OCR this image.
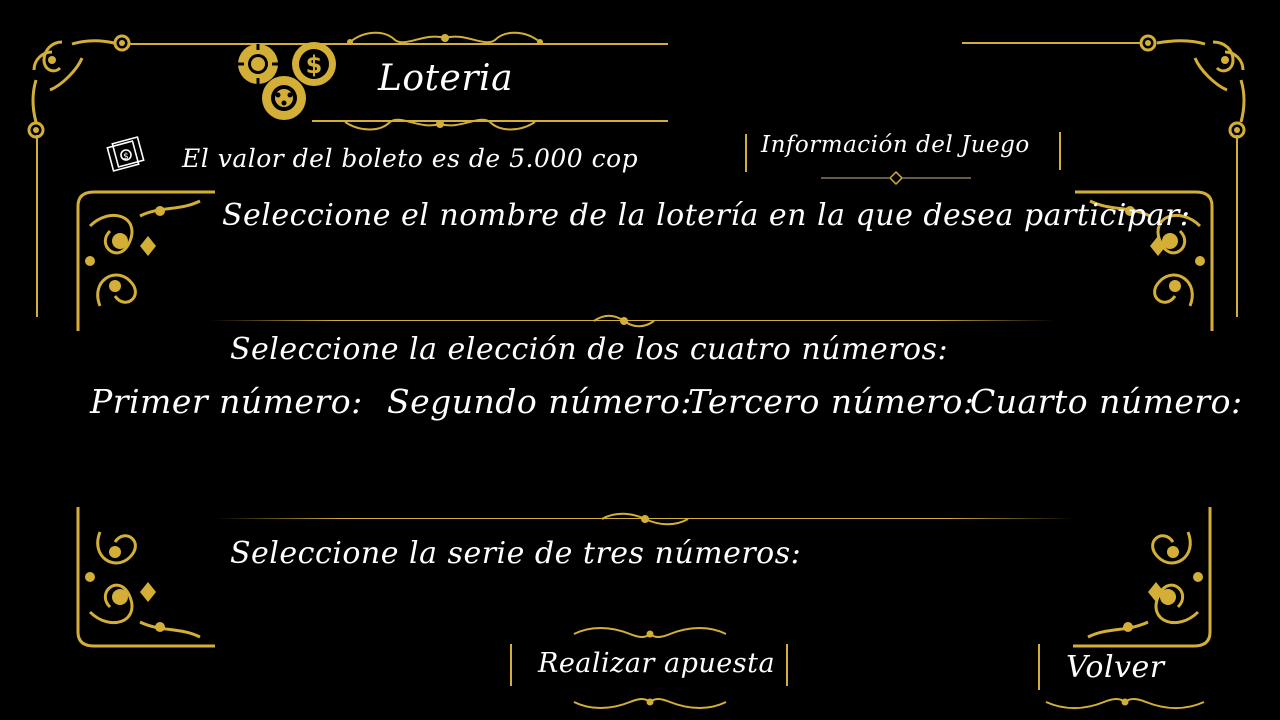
$ Loteria
$ El valor del boleto es de 5.000 cop	Información del Juego
Seleccione el nombre de la lotería en la que desea participar:
Seleccione la elección de los cuatro números:
Primer número: Segundo número:
Tercero número:
Cuarto número:
Seleccione la serie de tres números:
Realizar apuesta	Volver
